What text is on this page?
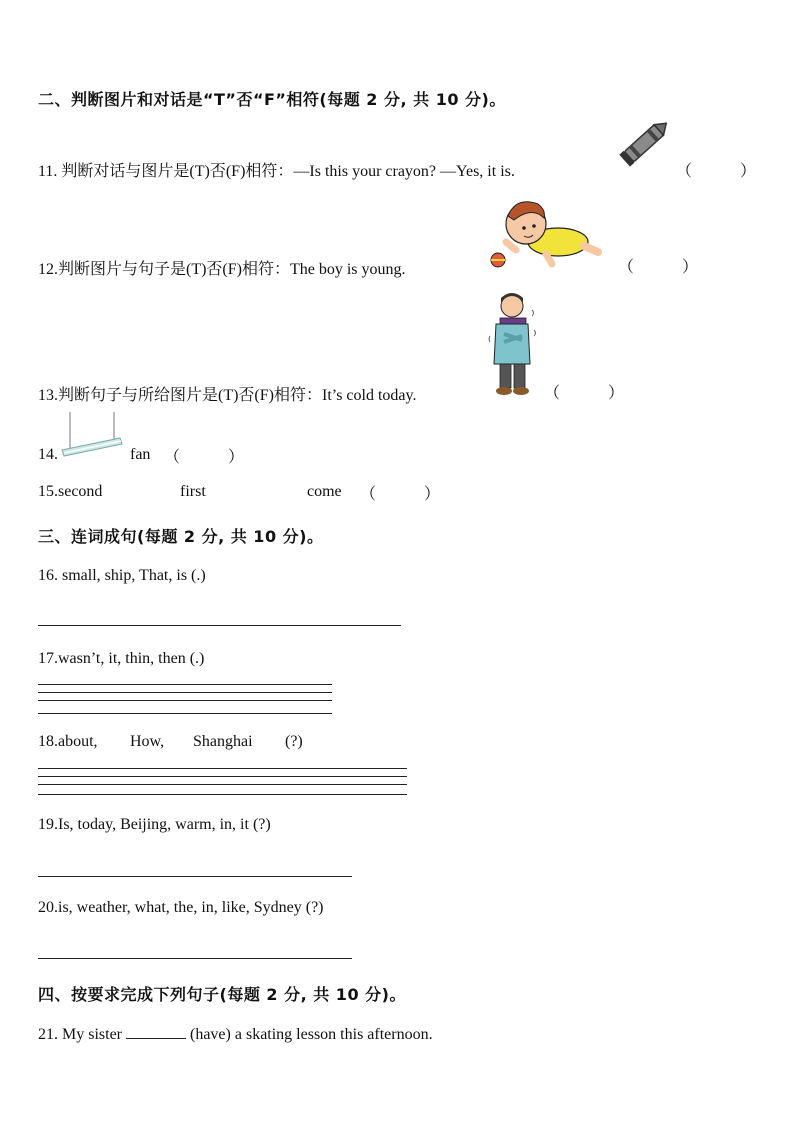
二、判断图片和对话是“T”否“F”相符(每题 2 分, 共 10 分)。
11. 判断对话与图片是(T)否(F)相符：—Is this your crayon? —Yes, it is.	（　　　）
12.判断图片与句子是(T)否(F)相符：The boy is young.	（　　　）
13.判断句子与所给图片是(T)否(F)相符：It’s cold today.	（　　　）
14.	fan （　　　）
15.second	first	come （　　　）
三、连词成句(每题 2 分, 共 10 分)。
16. small, ship, That, is (.)
17.wasn’t, it, thin, then (.)
18.about, How, Shanghai (?)
19.Is, today, Beijing, warm, in, it (?)
20.is, weather, what, the, in, like, Sydney (?)
四、按要求完成下列句子(每题 2 分, 共 10 分)。
21. My sister	(have) a skating lesson this afternoon.
